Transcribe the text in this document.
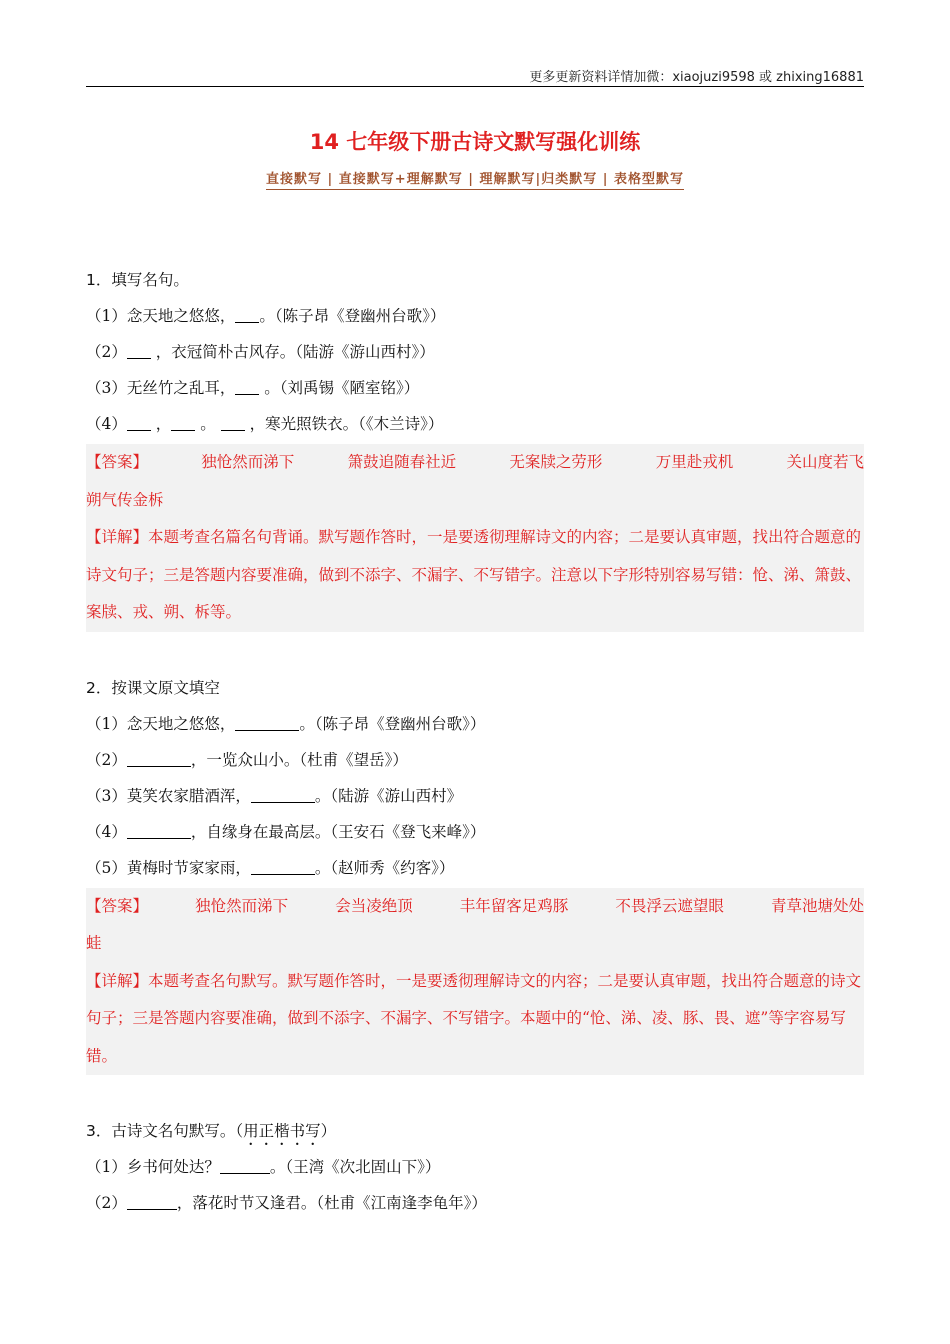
更多更新资料详情加微：xiaojuzi9598 或 zhixing16881
14 七年级下册古诗文默写强化训练
直接默写 | 直接默写+理解默写 | 理解默写|归类默写 | 表格型默写
1．填写名句。
（1）念天地之悠悠， 。（陈子昂《登幽州台歌》）
（2） ，衣冠简朴古风存。（陆游《游山西村》）
（3）无丝竹之乱耳， 。（刘禹锡《陋室铭》）
（4） ， 。  ，寒光照铁衣。（《木兰诗》）
【答案】	独怆然而涕下	箫鼓追随春社近	无案牍之劳形	万里赴戎机	关山度若飞
朔气传金柝
【详解】本题考查名篇名句背诵。默写题作答时，一是要透彻理解诗文的内容；二是要认真审题，找出符合题意的诗文句子；三是答题内容要准确，做到不添字、不漏字、不写错字。注意以下字形特别容易写错：怆、涕、箫鼓、案牍、戎、朔、柝等。
2．按课文原文填空
（1）念天地之悠悠，	。（陈子昂《登幽州台歌》）
（2）	，一览众山小。（杜甫《望岳》）
（3）莫笑农家腊酒浑，	。（陆游《游山西村》
（4）	，自缘身在最高层。（王安石《登飞来峰》）
（5）黄梅时节家家雨，	。（赵师秀《约客》）
【答案】	独怆然而涕下	会当凌绝顶	丰年留客足鸡豚	不畏浮云遮望眼	青草池塘处处
蛙
【详解】本题考查名句默写。默写题作答时，一是要透彻理解诗文的内容；二是要认真审题，找出符合题意的诗文句子；三是答题内容要准确，做到不添字、不漏字、不写错字。本题中的“怆、涕、凌、豚、畏、遮”等字容易写错。
3．古诗文名句默写。（用正楷书写）
（1）乡书何处达？	。（王湾《次北固山下》）
（2）	，落花时节又逢君。（杜甫《江南逢李龟年》）
